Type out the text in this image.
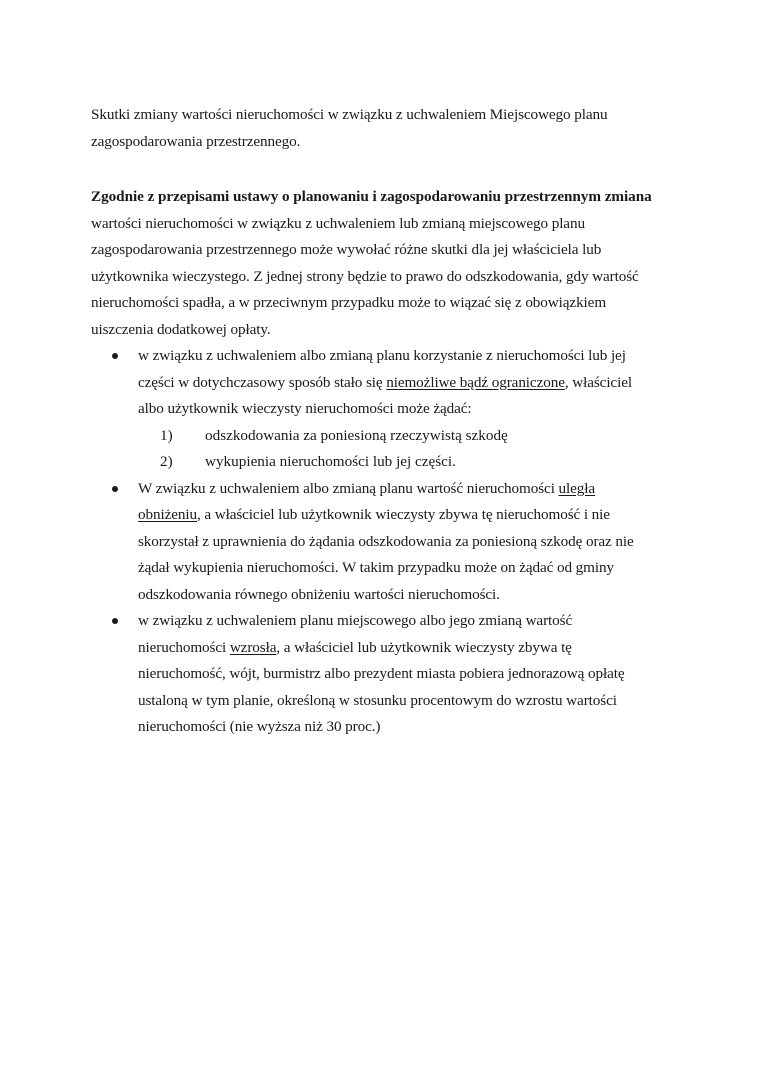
Skutki zmiany wartości nieruchomości w związku z uchwaleniem Miejscowego planu
zagospodarowania przestrzennego.
Zgodnie z przepisami ustawy o planowaniu i zagospodarowaniu przestrzennym zmiana
wartości nieruchomości w związku z uchwaleniem lub zmianą miejscowego planu
zagospodarowania przestrzennego może wywołać różne skutki dla jej właściciela lub
użytkownika wieczystego. Z jednej strony będzie to prawo do odszkodowania, gdy wartość
nieruchomości spadła, a w przeciwnym przypadku może to wiązać się z obowiązkiem
uiszczenia dodatkowej opłaty.
w związku z uchwaleniem albo zmianą planu korzystanie z nieruchomości lub jej
części w dotychczasowy sposób stało się niemożliwe bądź ograniczone, właściciel
albo użytkownik wieczysty nieruchomości może żądać:
1) odszkodowania za poniesioną rzeczywistą szkodę
2) wykupienia nieruchomości lub jej części.
W związku z uchwaleniem albo zmianą planu wartość nieruchomości uległa
obniżeniu, a właściciel lub użytkownik wieczysty zbywa tę nieruchomość i nie
skorzystał z uprawnienia do żądania odszkodowania za poniesioną szkodę oraz nie
żądał wykupienia nieruchomości. W takim przypadku może on żądać od gminy
odszkodowania równego obniżeniu wartości nieruchomości.
w związku z uchwaleniem planu miejscowego albo jego zmianą wartość
nieruchomości wzrosła, a właściciel lub użytkownik wieczysty zbywa tę
nieruchomość, wójt, burmistrz albo prezydent miasta pobiera jednorazową opłatę
ustaloną w tym planie, określoną w stosunku procentowym do wzrostu wartości
nieruchomości (nie wyższa niż 30 proc.)
